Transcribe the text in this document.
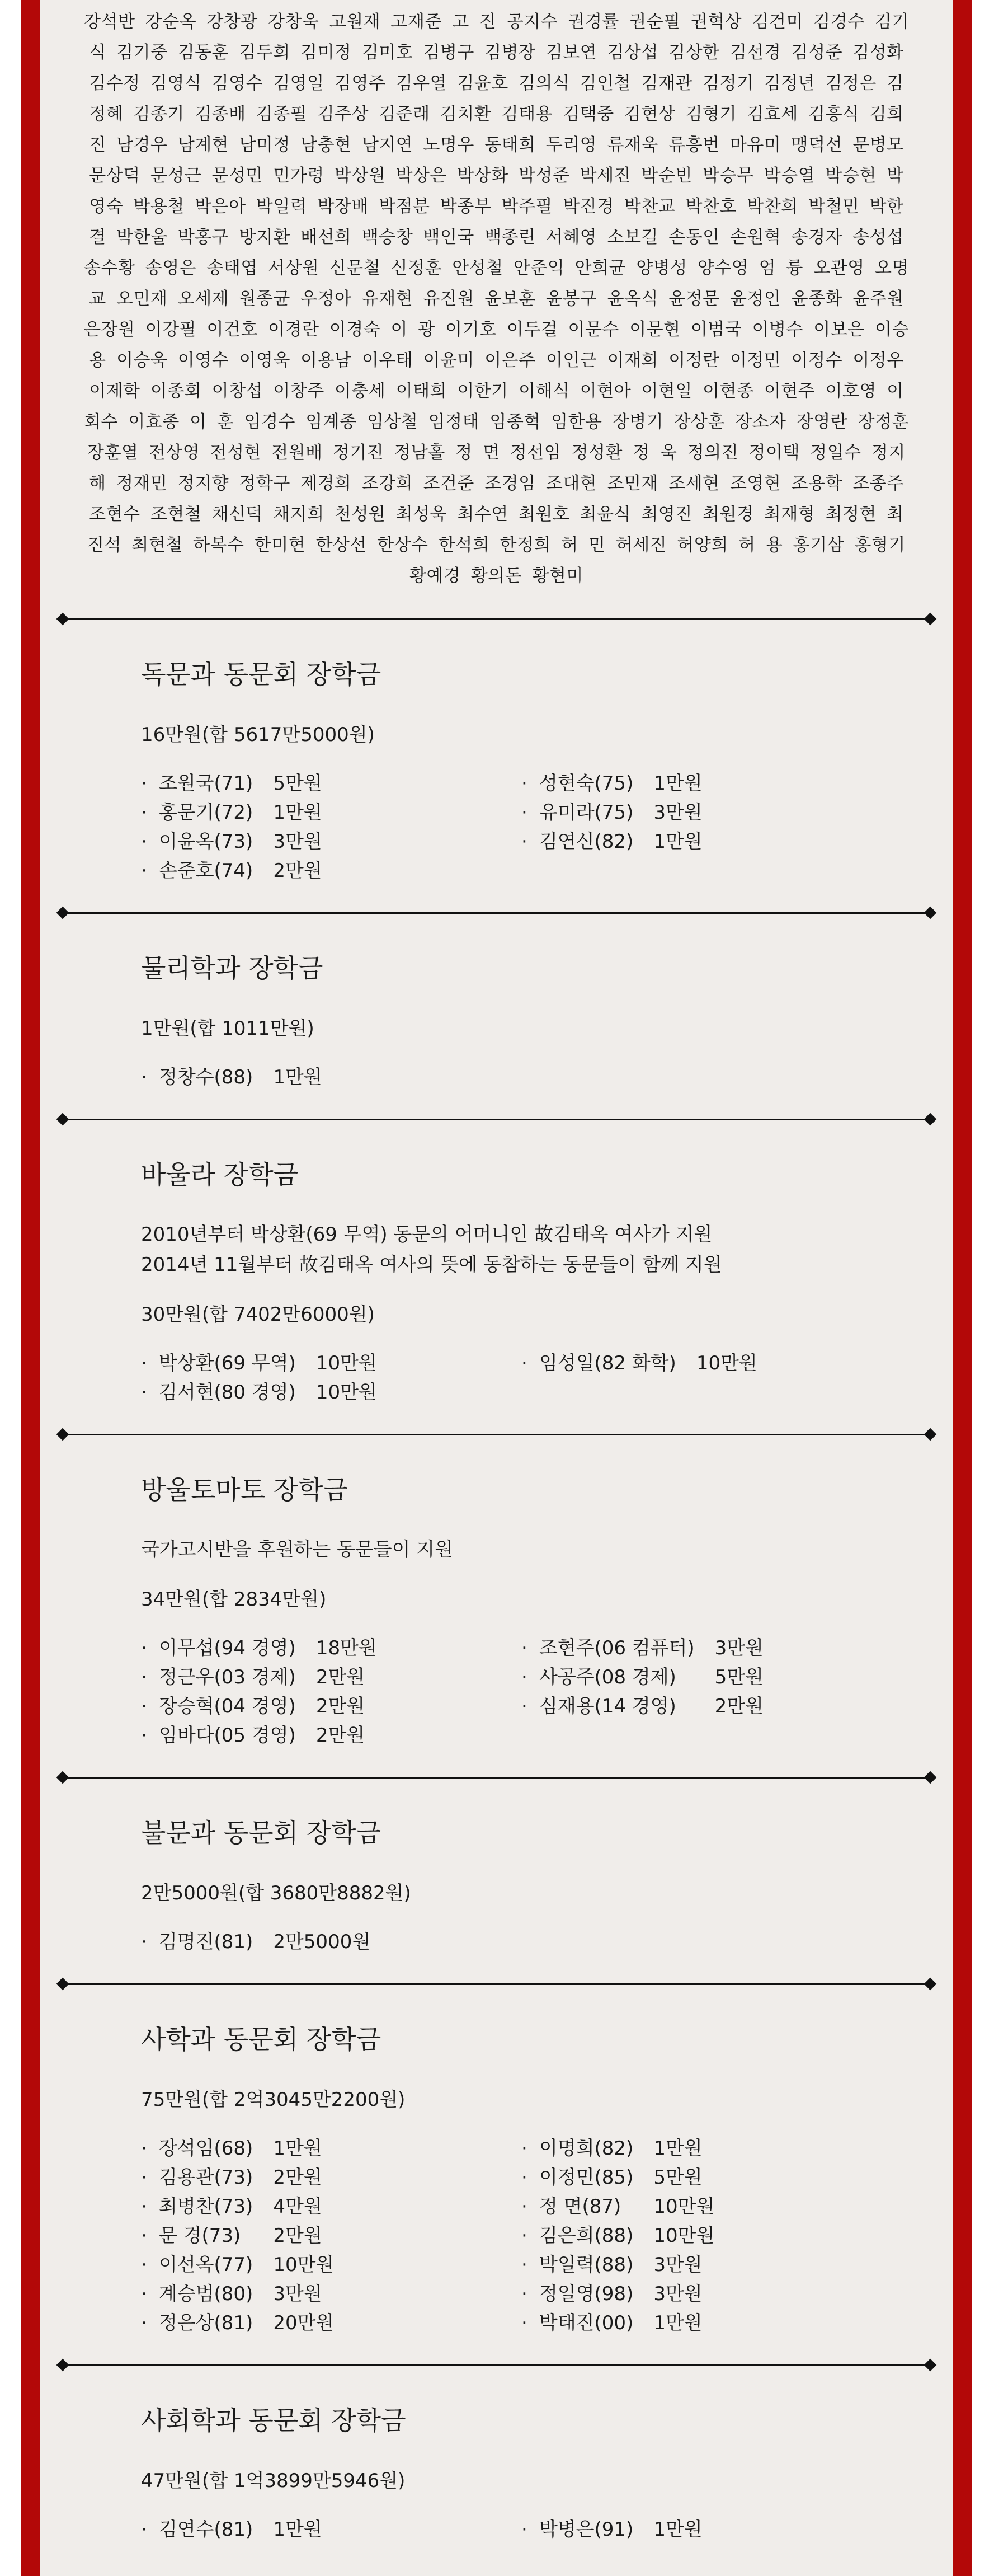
강석반 강순옥 강창광 강창욱 고원재 고재준 고 진 공지수 권경률 권순필 권혁상 김건미 김경수 김기식 김기중 김동훈 김두희 김미정 김미호 김병구 김병장 김보연 김상섭 김상한 김선경 김성준 김성화 김수정 김영식 김영수 김영일 김영주 김우열 김윤호 김의식 김인철 김재관 김정기 김정년 김정은 김정혜 김종기 김종배 김종필 김주상 김준래 김치환 김태용 김택중 김현상 김형기 김효세 김흥식 김희진 남경우 남계현 남미정 남충현 남지연 노명우 동태희 두리영 류재욱 류흥번 마유미 맹덕선 문병모 문상덕 문성근 문성민 민가령 박상원 박상은 박상화 박성준 박세진 박순빈 박승무 박승열 박승현 박영숙 박용철 박은아 박일력 박장배 박점분 박종부 박주필 박진경 박찬교 박찬호 박찬희 박철민 박한결 박한울 박홍구 방지환 배선희 백승창 백인국 백종린 서혜영 소보길 손동인 손원혁 송경자 송성섭 송수황 송영은 송태엽 서상원 신문철 신정훈 안성철 안준익 안희균 양병성 양수영 엄 륭 오관영 오명교 오민재 오세제 원종균 우정아 유재현 유진원 윤보훈 윤봉구 윤옥식 윤정문 윤정인 윤종화 윤주원 은장원 이강필 이건호 이경란 이경숙 이 광 이기호 이두걸 이문수 이문현 이범국 이병수 이보은 이승용 이승욱 이영수 이영욱 이용남 이우태 이윤미 이은주 이인근 이재희 이정란 이정민 이정수 이정우 이제학 이종회 이창섭 이창주 이충세 이태희 이한기 이해식 이현아 이현일 이현종 이현주 이호영 이회수 이효종 이 훈 임경수 임계종 임상철 임정태 임종혁 임한용 장병기 장상훈 장소자 장영란 장정훈 장훈열 전상영 전성현 전원배 정기진 정남홀 정 면 정선임 정성환 정 욱 정의진 정이택 정일수 정지해 정재민 정지향 정학구 제경희 조강희 조건준 조경임 조대현 조민재 조세현 조영현 조용학 조종주 조현수 조현철 채신덕 채지희 천성원 최성욱 최수연 최원호 최윤식 최영진 최원경 최재형 최정현 최진석 최현철 하복수 한미현 한상선 한상수 한석희 한정희 허 민 허세진 허양희 허 용 홍기삼 홍형기 황예경 황의돈 황현미

독문과 동문회 장학금
16만원(합 5617만5000원)
· 조원국(71) 5만원
· 홍문기(72) 1만원
· 이윤옥(73) 3만원
· 손준호(74) 2만원
· 성현숙(75) 1만원
· 유미라(75) 3만원
· 김연신(82) 1만원
물리학과 장학금
1만원(합 1011만원)
· 정창수(88) 1만원
바울라 장학금
2010년부터 박상환(69 무역) 동문의 어머니인 故김태옥 여사가 지원
2014년 11월부터 故김태옥 여사의 뜻에 동참하는 동문들이 함께 지원
30만원(합 7402만6000원)
· 박상환(69 무역) 10만원
· 김서현(80 경영) 10만원
· 임성일(82 화학) 10만원
방울토마토 장학금
국가고시반을 후원하는 동문들이 지원
34만원(합 2834만원)
· 이무섭(94 경영) 18만원
· 정근우(03 경제) 2만원
· 장승혁(04 경영) 2만원
· 임바다(05 경영) 2만원
· 조현주(06 컴퓨터) 3만원
· 사공주(08 경제) 5만원
· 심재용(14 경영) 2만원
불문과 동문회 장학금
2만5000원(합 3680만8882원)
· 김명진(81) 2만5000원
사학과 동문회 장학금
75만원(합 2억3045만2200원)
· 장석임(68) 1만원
· 김용관(73) 2만원
· 최병찬(73) 4만원
· 문 경(73) 2만원
· 이선옥(77) 10만원
· 계승범(80) 3만원
· 정은상(81) 20만원
· 이명희(82) 1만원
· 이정민(85) 5만원
· 정 면(87) 10만원
· 김은희(88) 10만원
· 박일력(88) 3만원
· 정일영(98) 3만원
· 박태진(00) 1만원
사회학과 동문회 장학금
47만원(합 1억3899만5946원)
· 김연수(81) 1만원	· 박병은(91) 1만원
